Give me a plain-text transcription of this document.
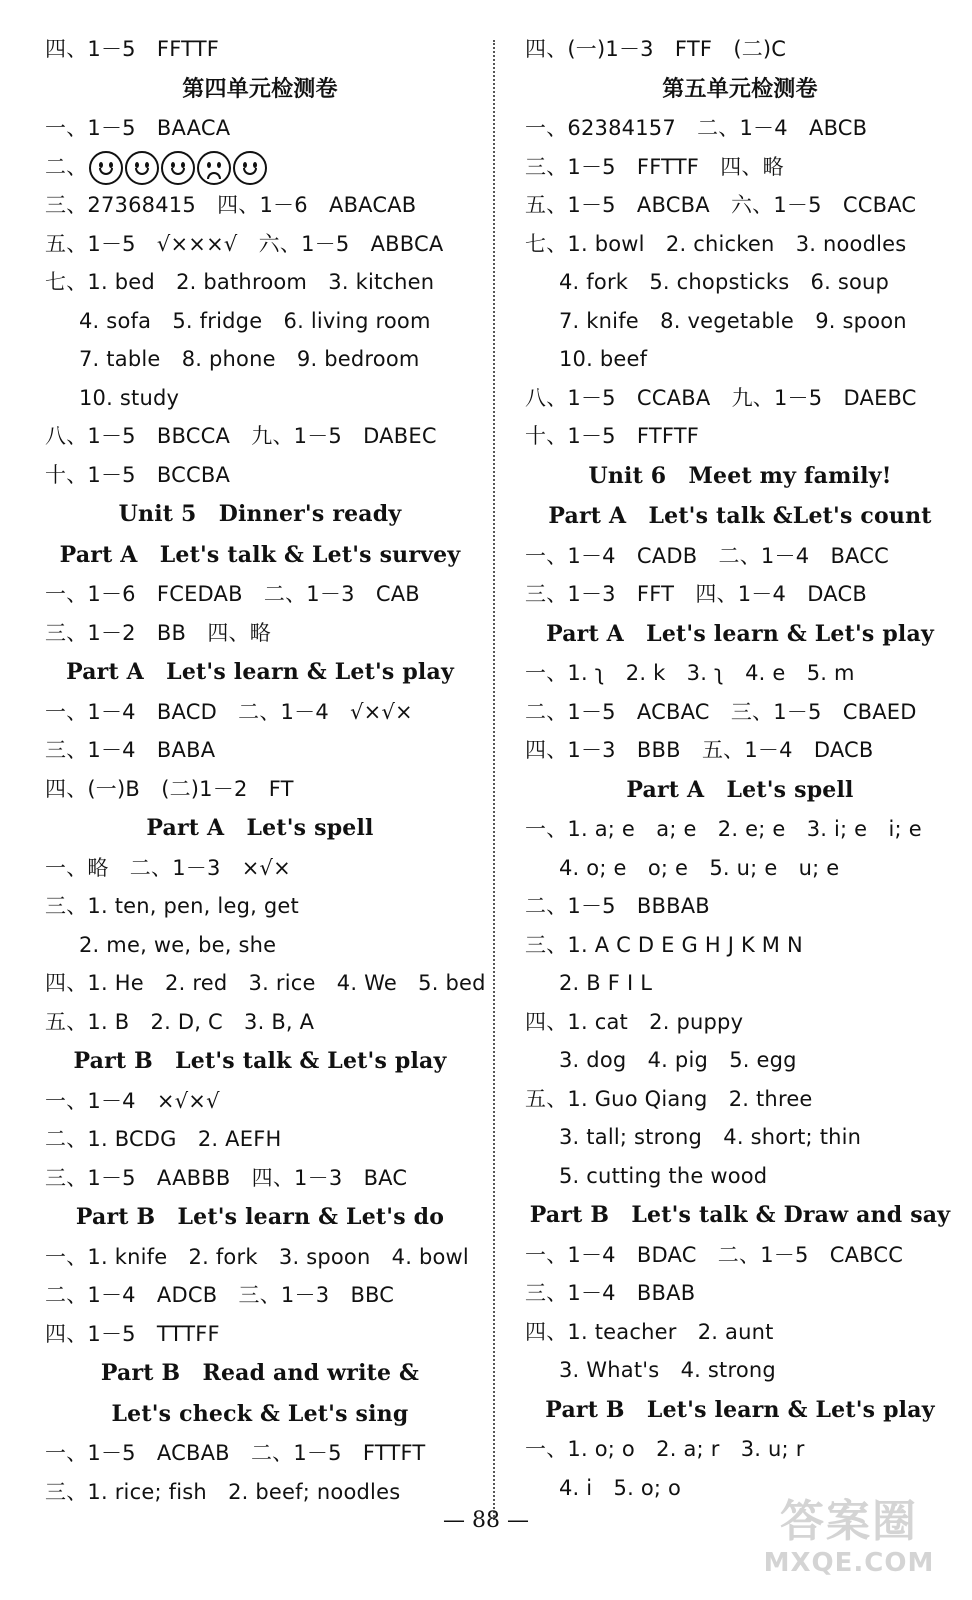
四、1－5　FFTTF
第四单元检测卷
一、1－5　BAACA
二、
三、27368415　四、1－6　ABACAB
五、1－5　√×××√　六、1－5　ABBCA
七、1. bed　2. bathroom　3. kitchen
4. sofa　5. fridge　6. living room
7. table　8. phone　9. bedroom
10. study
八、1－5　BBCCA　九、1－5　DABEC
十、1－5　BCCBA
Unit 5　Dinner's ready
Part A　Let's talk & Let's survey
一、1－6　FCEDAB　二、1－3　CAB
三、1－2　BB　四、略
Part A　Let's learn & Let's play
一、1－4　BACD　二、1－4　√×√×
三、1－4　BABA
四、(一)B　(二)1－2　FT
Part A　Let's spell
一、略　二、1－3　×√×
三、1. ten, pen, leg, get
2. me, we, be, she
四、1. He　2. red　3. rice　4. We　5. bed
五、1. B　2. D, C　3. B, A
Part B　Let's talk & Let's play
一、1－4　×√×√
二、1. BCDG　2. AEFH
三、1－5　AABBB　四、1－3　BAC
Part B　Let's learn & Let's do
一、1. knife　2. fork　3. spoon　4. bowl
二、1－4　ADCB　三、1－3　BBC
四、1－5　TTTFF
Part B　Read and write &
Let's check & Let's sing
一、1－5　ACBAB　二、1－5　FTTFT
三、1. rice; fish　2. beef; noodles
四、(一)1－3　FTF　(二)C
第五单元检测卷
一、62384157　二、1－4　ABCB
三、1－5　FFTTF　四、略
五、1－5　ABCBA　六、1－5　CCBAC
七、1. bowl　2. chicken　3. noodles
4. fork　5. chopsticks　6. soup
7. knife　8. vegetable　9. spoon
10. beef
八、1－5　CCABA　九、1－5　DAEBC
十、1－5　FTFTF
Unit 6　Meet my family!
Part A　Let's talk &Let's count
一、1－4　CADB　二、1－4　BACC
三、1－3　FFT　四、1－4　DACB
Part A　Let's learn & Let's play
一、1. ʅ　2. k　3. ʅ　4. e　5. m
二、1－5　ACBAC　三、1－5　CBAED
四、1－3　BBB　五、1－4　DACB
Part A　Let's spell
一、1. a; e　a; e　2. e; e　3. i; e　i; e
4. o; e　o; e　5. u; e　u; e
二、1－5　BBBAB
三、1. A C D E G H J K M N
2. B F I L
四、1. cat　2. puppy
3. dog　4. pig　5. egg
五、1. Guo Qiang　2. three
3. tall; strong　4. short; thin
5. cutting the wood
Part B　Let's talk & Draw and say
一、1－4　BDAC　二、1－5　CABCC
三、1－4　BBAB
四、1. teacher　2. aunt
3. What's　4. strong
Part B　Let's learn & Let's play
一、1. o; o　2. a; r　3. u; r
4. i　5. o; o
— 88 —	答案圈
MXQE.COM
